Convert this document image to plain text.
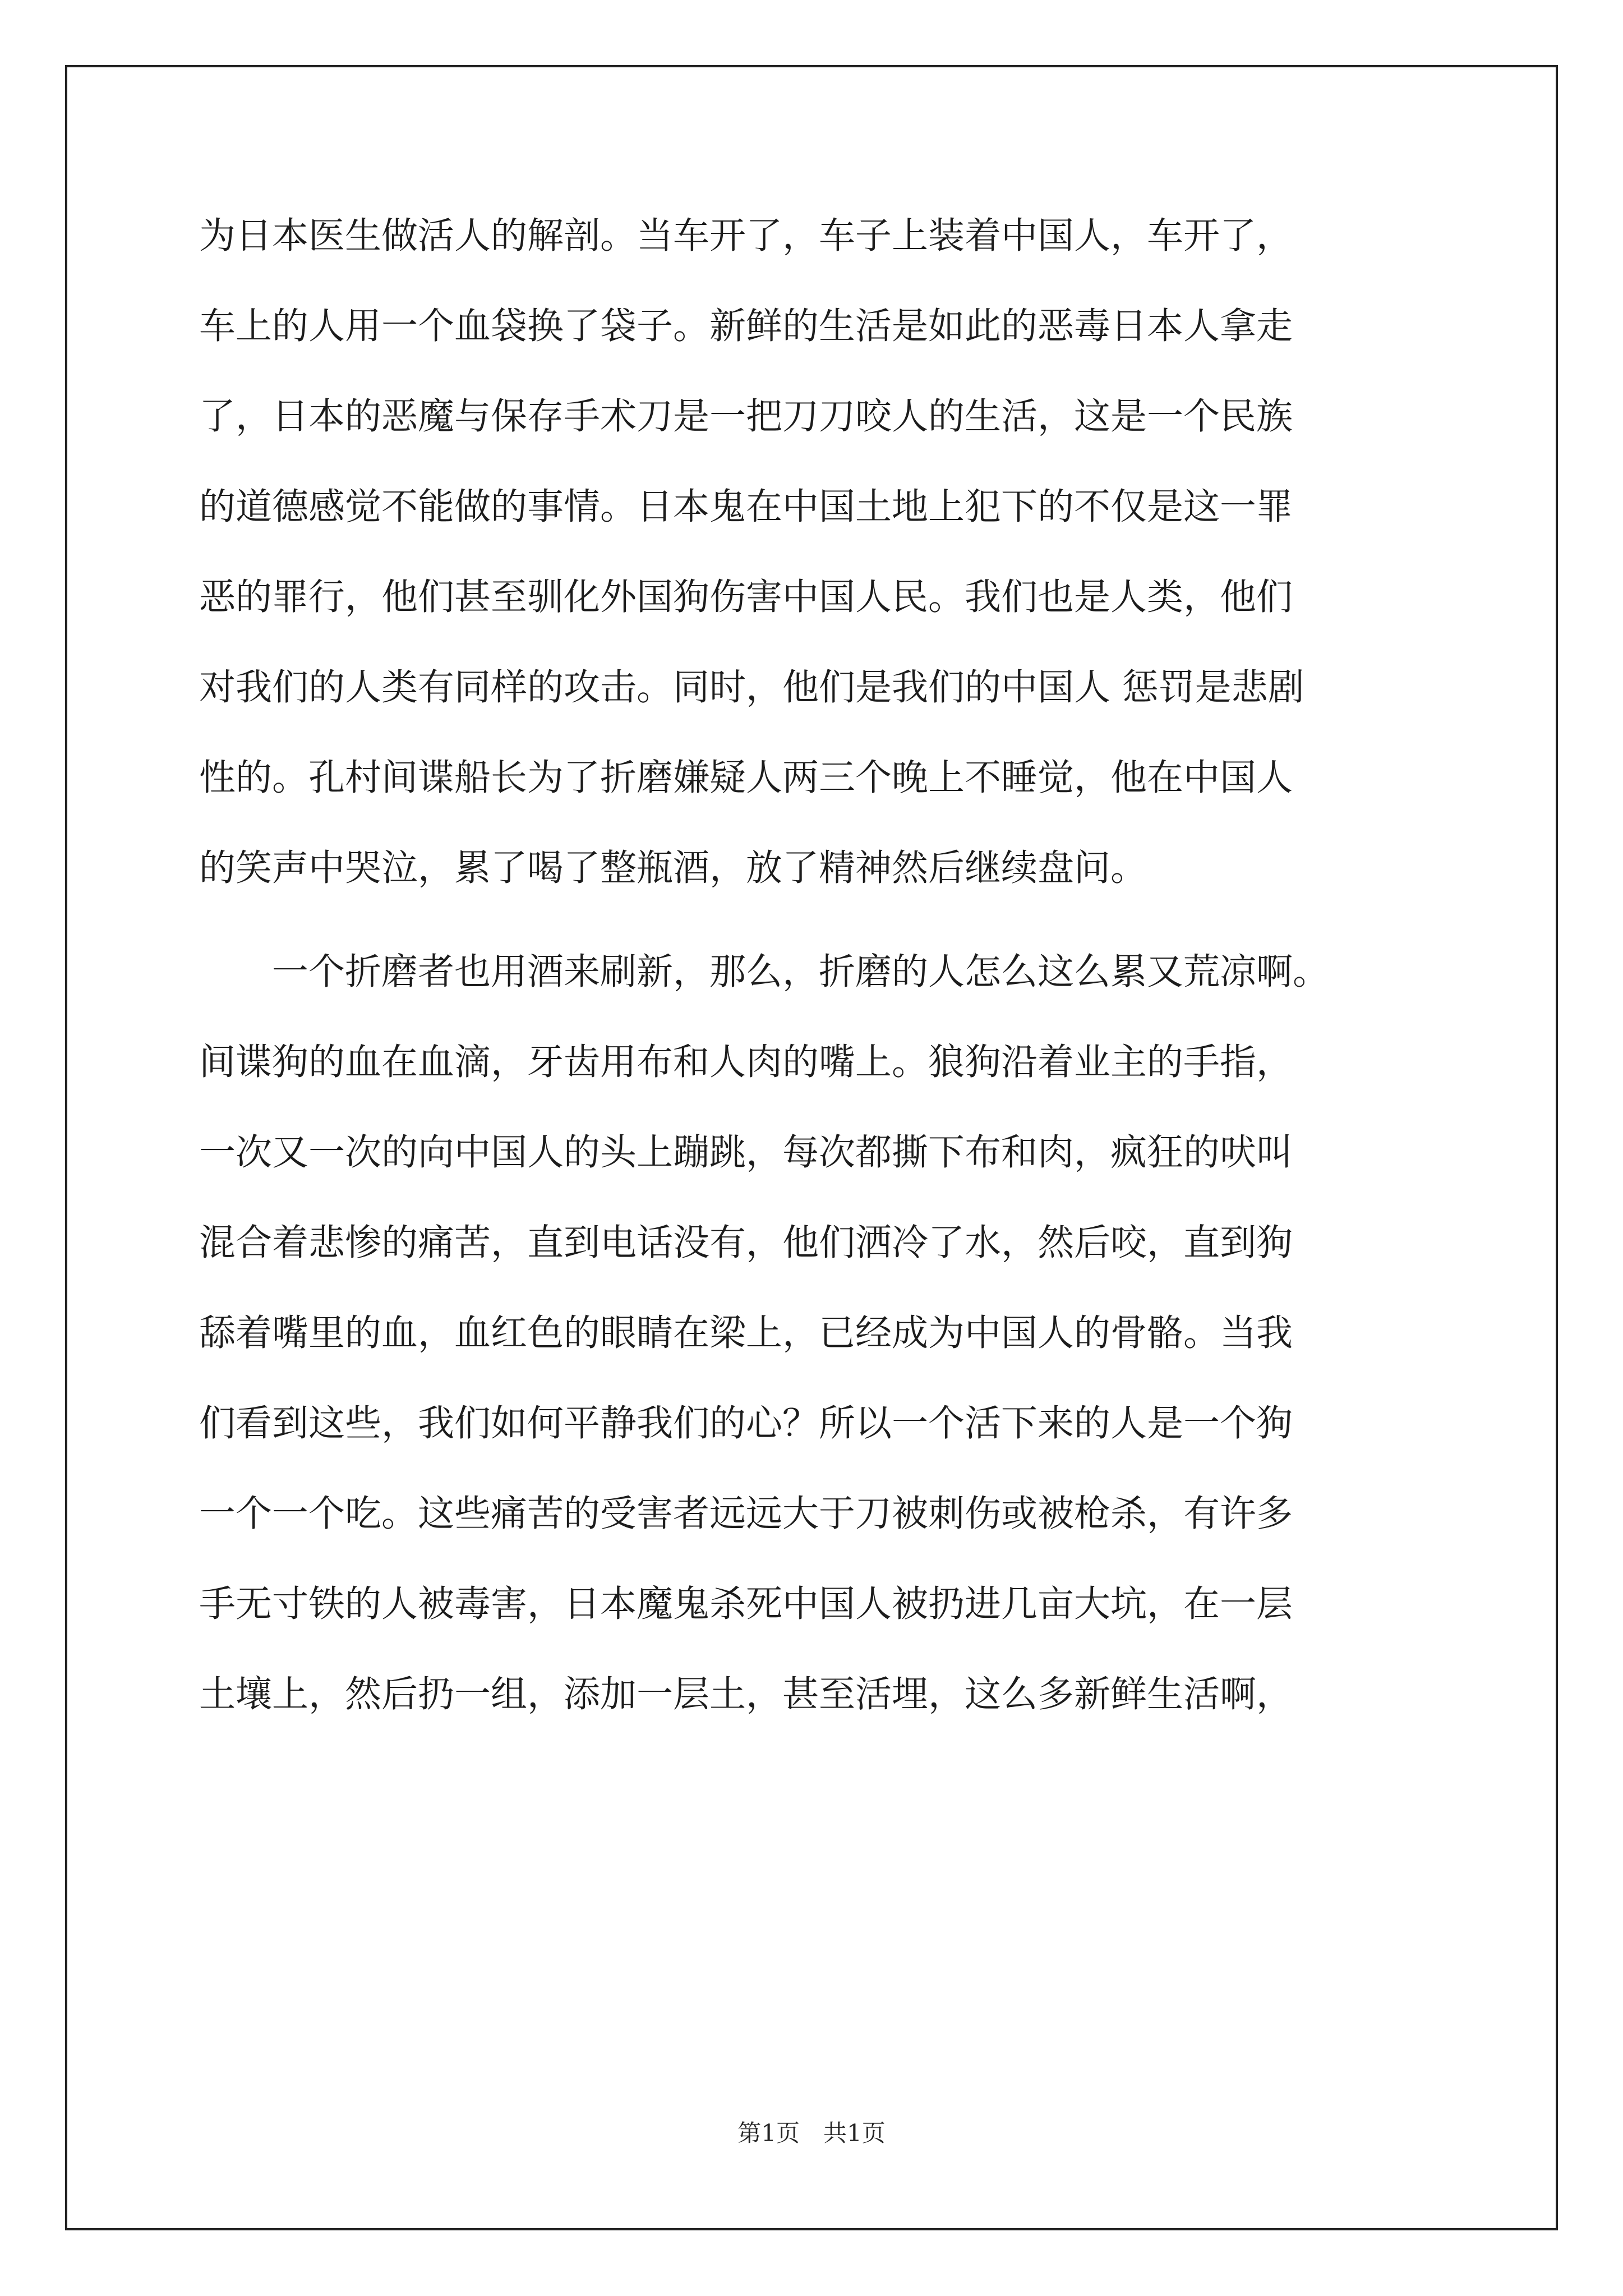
为日本医生做活人的解剖。当车开了，车子上装着中国人，车开了，
车上的人用一个血袋换了袋子。新鲜的生活是如此的恶毒日本人拿走
了，日本的恶魔与保存手术刀是一把刀刀咬人的生活，这是一个民族
的道德感觉不能做的事情。日本鬼在中国土地上犯下的不仅是这一罪
恶的罪行，他们甚至驯化外国狗伤害中国人民。我们也是人类，他们
对我们的人类有同样的攻击。同时，他们是我们的中国人 惩罚是悲剧
性的。孔村间谍船长为了折磨嫌疑人两三个晚上不睡觉，他在中国人
的笑声中哭泣，累了喝了整瓶酒，放了精神然后继续盘问。
　　一个折磨者也用酒来刷新，那么，折磨的人怎么这么累又荒凉啊。
间谍狗的血在血滴，牙齿用布和人肉的嘴上。狼狗沿着业主的手指，
一次又一次的向中国人的头上蹦跳，每次都撕下布和肉，疯狂的吠叫
混合着悲惨的痛苦，直到电话没有，他们洒冷了水，然后咬，直到狗
舔着嘴里的血，血红色的眼睛在梁上，已经成为中国人的骨骼。当我
们看到这些，我们如何平静我们的心？所以一个活下来的人是一个狗
一个一个吃。这些痛苦的受害者远远大于刀被刺伤或被枪杀，有许多
手无寸铁的人被毒害，日本魔鬼杀死中国人被扔进几亩大坑，在一层
土壤上，然后扔一组，添加一层土，甚至活埋，这么多新鲜生活啊，
第1页　共1页
